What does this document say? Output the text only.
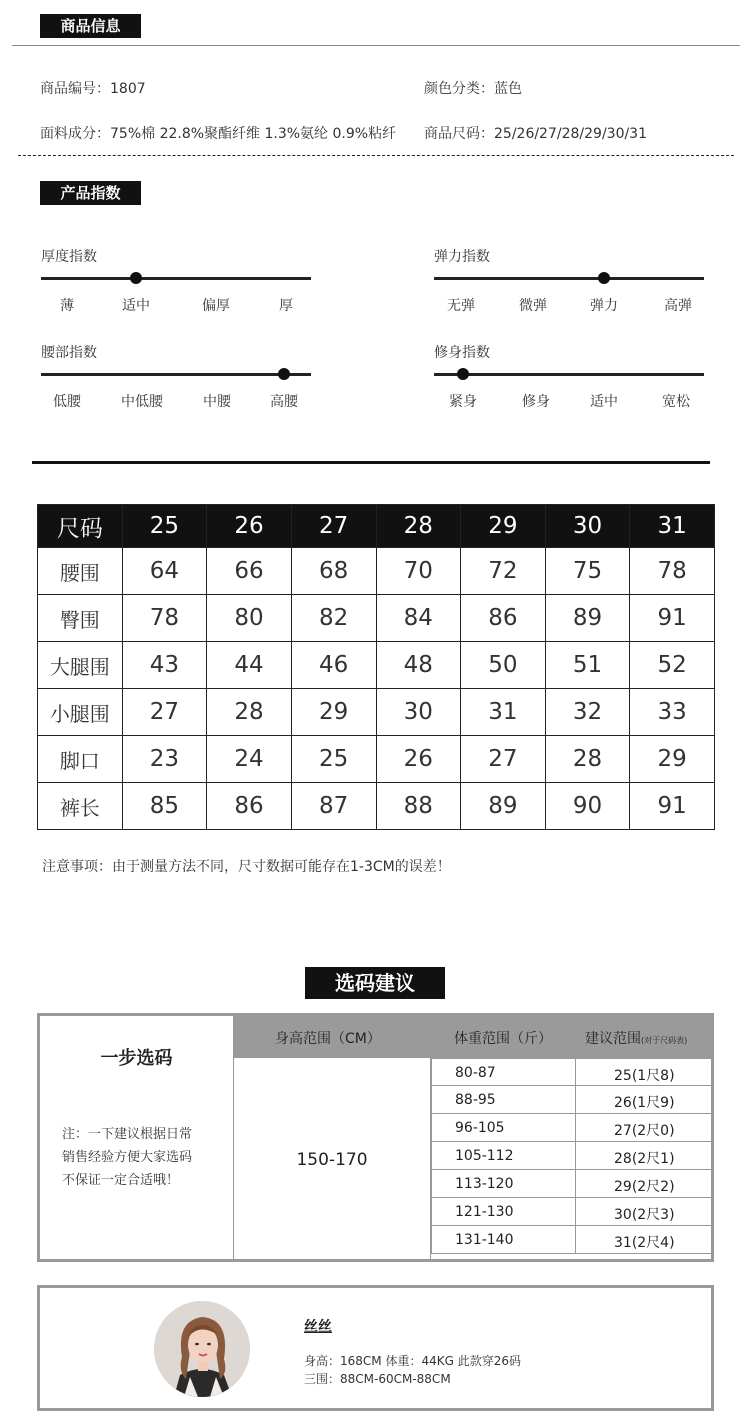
商品信息
商品编号：1807	颜色分类：蓝色
面料成分：75%棉 22.8%聚酯纤维 1.3%氨纶 0.9%粘纤 商品尺码：25/26/27/28/29/30/31
产品指数
厚度指数
薄	适中	偏厚	厚
弹力指数
无弹	微弹	弹力	高弹
腰部指数
低腰	中低腰	中腰	高腰
修身指数
紧身	修身	适中	宽松
尺码	25	26	27	28	29	30	31
腰围	64	66	68	70	72	75	78
臀围	78	80	82	84	86	89	91
大腿围	43	44	46	48	50	51	52
小腿围	27	28	29	30	31	32	33
脚口	23	24	25	26	27	28	29
裤长	85	86	87	88	89	90	91
注意事项：由于测量方法不同，尺寸数据可能存在1-3CM的误差！
选码建议
一步选码
注：一下建议根据日常
销售经验方便大家选码
不保证一定合适哦！
身高范围（CM）	体重范围（斤） 建议范围(对于尺码表)
150-170
80-87	25(1尺8)
88-95	26(1尺9)
96-105	27(2尺0)
105-112	28(2尺1)
113-120	29(2尺2)
121-130	30(2尺3)
131-140	31(2尺4)
丝丝
身高：168CM 体重：44KG 此款穿26码
三围：88CM-60CM-88CM
